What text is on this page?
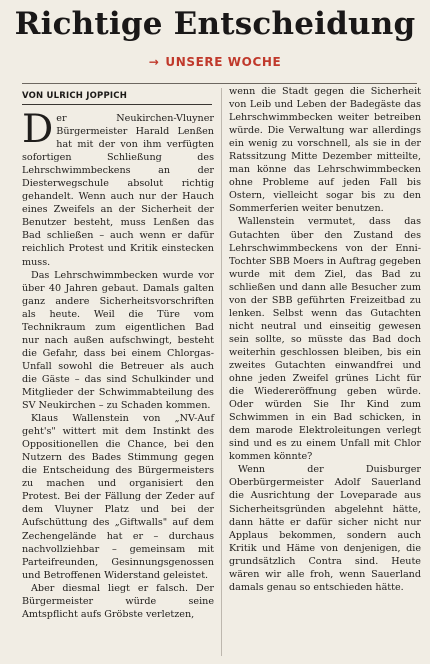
Richtige Entscheidung
→ UNSERE WOCHE
VON ULRICH JOPPICH

Der Neukirchen-Vluyner Bürgermeister Harald Lenßen hat mit der von ihm verfügten sofortigen Schließung des Lehrschwimmbeckens an der Diesterwegschule absolut richtig gehandelt. Wenn auch nur der Hauch eines Zweifels an der Sicherheit der Benutzer besteht, muss Lenßen das Bad schließen – auch wenn er dafür reichlich Protest und Kritik einstecken muss.

Das Lehrschwimmbecken wurde vor über 40 Jahren gebaut. Damals galten ganz andere Sicherheitsvorschriften als heute. Weil die Türe vom Technikraum zum eigentlichen Bad nur nach außen aufschwingt, besteht die Gefahr, dass bei einem Chlorgas-Unfall sowohl die Betreuer als auch die Gäste – das sind Schulkinder und Mitglieder der Schwimmabteilung des SV Neukirchen – zu Schaden kommen.

Klaus Wallenstein von „NV-Auf geht's" wittert mit dem Instinkt des Oppositionellen die Chance, bei den Nutzern des Bades Stimmung gegen die Entscheidung des Bürgermeisters zu machen und organisiert den Protest. Bei der Fällung der Zeder auf dem Vluyner Platz und bei der Aufschüttung des „Giftwalls" auf dem Zechengelände hat er – durchaus nachvollziehbar – gemeinsam mit Parteifreunden, Gesinnungsgenossen und Betroffenen Widerstand geleistet.

Aber diesmal liegt er falsch. Der Bürgermeister würde seine Amtspflicht aufs Gröbste verletzen,

wenn die Stadt gegen die Sicherheit von Leib und Leben der Badegäste das Lehrschwimmbecken weiter betreiben würde. Die Verwaltung war allerdings ein wenig zu vorschnell, als sie in der Ratssitzung Mitte Dezember mitteilte, man könne das Lehrschwimmbecken ohne Probleme auf jeden Fall bis Ostern, vielleicht sogar bis zu den Sommerferien weiter benutzen.

Wallenstein vermutet, dass das Gutachten über den Zustand des Lehrschwimmbeckens von der Enni-Tochter SBB Moers in Auftrag gegeben wurde mit dem Ziel, das Bad zu schließen und dann alle Besucher zum von der SBB geführten Freizeitbad zu lenken. Selbst wenn das Gutachten nicht neutral und einseitig gewesen sein sollte, so müsste das Bad doch weiterhin geschlossen bleiben, bis ein zweites Gutachten einwandfrei und ohne jeden Zweifel grünes Licht für die Wiedereröffnung geben würde. Oder würden Sie Ihr Kind zum Schwimmen in ein Bad schicken, in dem marode Elektroleitungen verlegt sind und es zu einem Unfall mit Chlor kommen könnte?

Wenn der Duisburger Oberbürgermeister Adolf Sauerland die Ausrichtung der Loveparade aus Sicherheitsgründen abgelehnt hätte, dann hätte er dafür sicher nicht nur Applaus bekommen, sondern auch Kritik und Häme von denjenigen, die grundsätzlich Contra sind. Heute wären wir alle froh, wenn Sauerland damals genau so entschieden hätte.
